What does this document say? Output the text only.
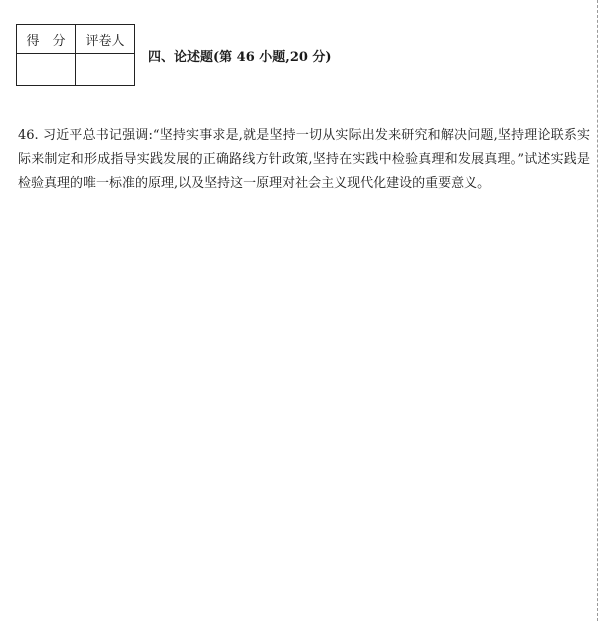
得　分	评卷人

四、论述题(第 46 小题,20 分)
46. 习近平总书记强调:“坚持实事求是,就是坚持一切从实际出发来研究和解决问题,坚持理论联系实际来制定和形成指导实践发展的正确路线方针政策,坚持在实践中检验真理和发展真理。”试述实践是检验真理的唯一标准的原理,以及坚持这一原理对社会主义现代化建设的重要意义。
